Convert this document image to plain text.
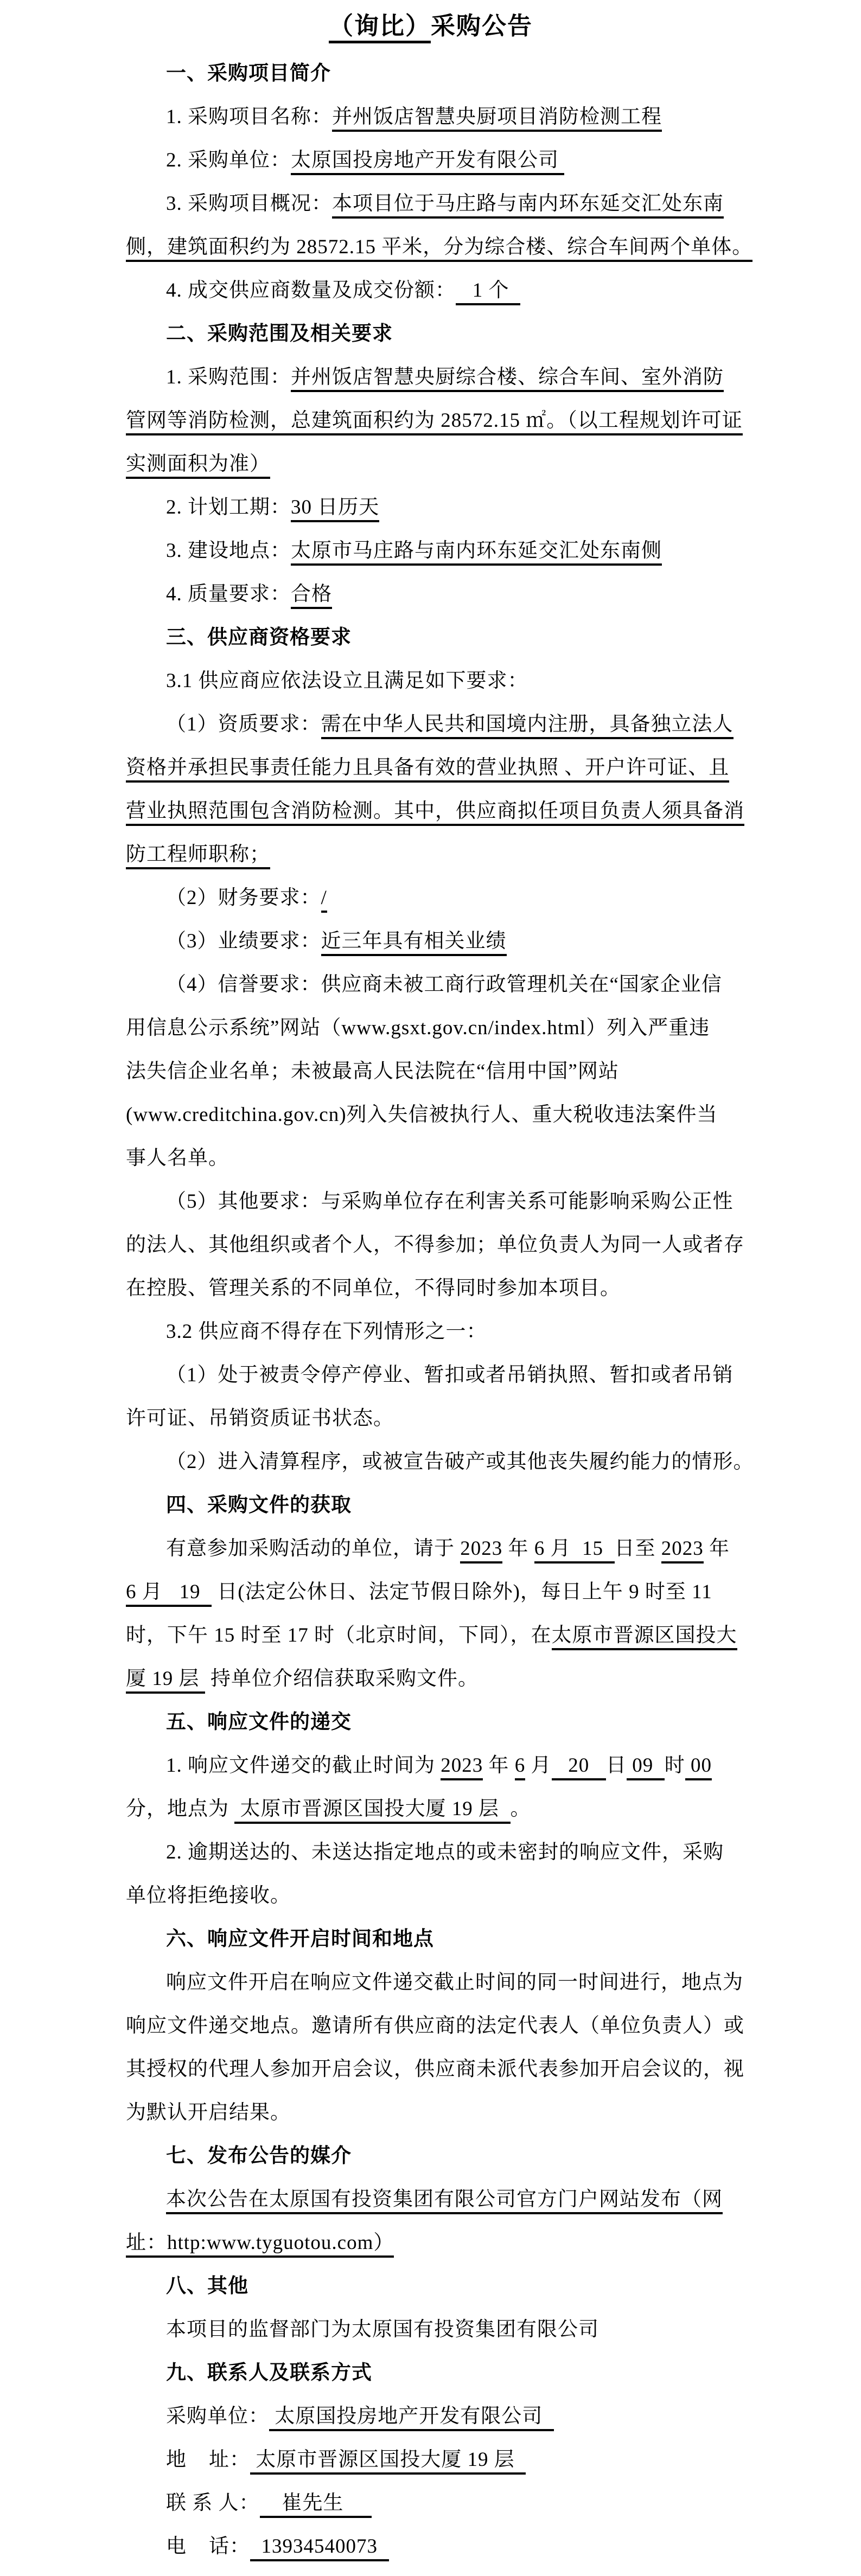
（询比）采购公告
一、采购项目简介
1. 采购项目名称：并州饭店智慧央厨项目消防检测工程
2. 采购单位：太原国投房地产开发有限公司
3. 采购项目概况：本项目位于马庄路与南内环东延交汇处东南
侧，建筑面积约为 28572.15 平米，分为综合楼、综合车间两个单体。
4. 成交供应商数量及成交份额：   1 个
二、采购范围及相关要求
1. 采购范围：并州饭店智慧央厨综合楼、综合车间、室外消防
管网等消防检测，总建筑面积约为 28572.15 ㎡。（以工程规划许可证
实测面积为准）
2. 计划工期：30 日历天
3. 建设地点：太原市马庄路与南内环东延交汇处东南侧
4. 质量要求：合格
三、供应商资格要求
3.1 供应商应依法设立且满足如下要求：
（1）资质要求：需在中华人民共和国境内注册，具备独立法人
资格并承担民事责任能力且具备有效的营业执照 、开户许可证、且
营业执照范围包含消防检测。其中，供应商拟任项目负责人须具备消
防工程师职称；
（2）财务要求：/
（3）业绩要求：近三年具有相关业绩
（4）信誉要求：供应商未被工商行政管理机关在“国家企业信
用信息公示系统”网站（www.gsxt.gov.cn/index.html）列入严重违
法失信企业名单；未被最高人民法院在“信用中国”网站
(www.creditchina.gov.cn)列入失信被执行人、重大税收违法案件当
事人名单。
（5）其他要求：与采购单位存在利害关系可能影响采购公正性
的法人、其他组织或者个人，不得参加；单位负责人为同一人或者存
在控股、管理关系的不同单位，不得同时参加本项目。
3.2 供应商不得存在下列情形之一：
（1）处于被责令停产停业、暂扣或者吊销执照、暂扣或者吊销
许可证、吊销资质证书状态。
（2）进入清算程序，或被宣告破产或其他丧失履约能力的情形。
四、采购文件的获取
有意参加采购活动的单位，请于 2023 年 6 月  15  日至 2023 年
6 月   19   日(法定公休日、法定节假日除外)，每日上午 9 时至 11
时，下午 15 时至 17 时（北京时间，下同），在太原市晋源区国投大
厦 19 层  持单位介绍信获取采购文件。
五、响应文件的递交
1. 响应文件递交的截止时间为 2023 年 6 月   20   日 09  时 00
分，地点为  太原市晋源区国投大厦 19 层  。
2. 逾期送达的、未送达指定地点的或未密封的响应文件，采购
单位将拒绝接收。
六、响应文件开启时间和地点
响应文件开启在响应文件递交截止时间的同一时间进行，地点为
响应文件递交地点。邀请所有供应商的法定代表人（单位负责人）或
其授权的代理人参加开启会议，供应商未派代表参加开启会议的，视
为默认开启结果。
七、发布公告的媒介
本次公告在太原国有投资集团有限公司官方门户网站发布（网
址：http:www.tyguotou.com）
八、其他
本项目的监督部门为太原国有投资集团有限公司
九、联系人及联系方式
采购单位： 太原国投房地产开发有限公司
地    址： 太原市晋源区国投大厦 19 层
联 系 人：    崔先生
电    话：  13934540073
